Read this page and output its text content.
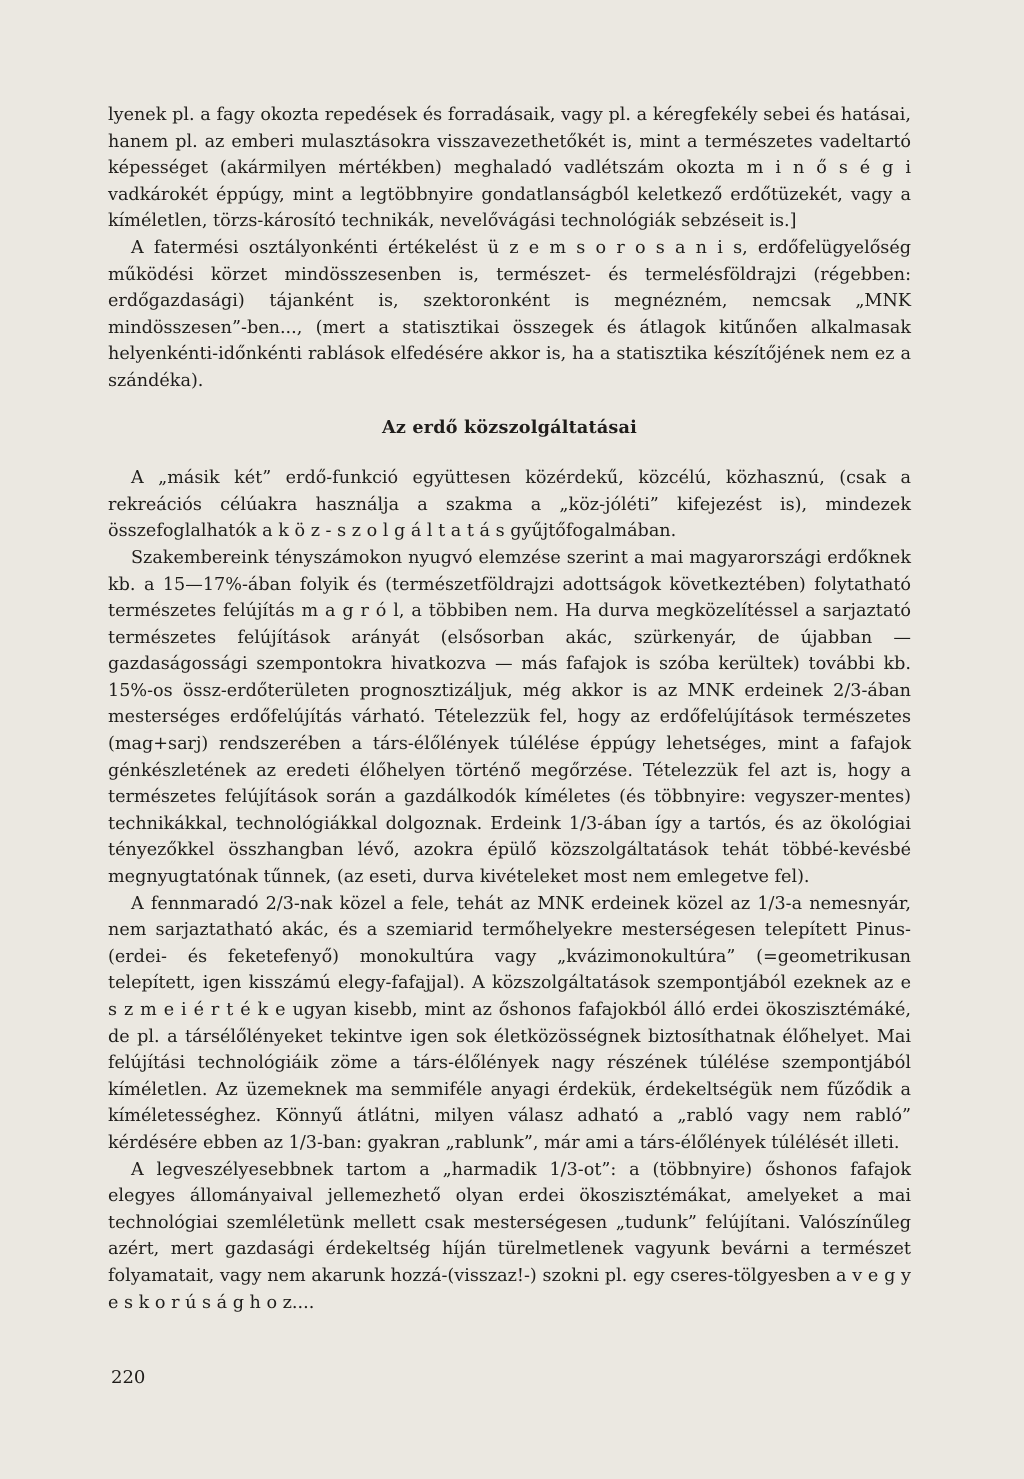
lyenek pl. a fagy okozta repedések és forradásaik, vagy pl. a kéregfekély sebei és hatásai, hanem pl. az emberi mulasztásokra visszavezethetőkét is, mint a természetes vadeltartó képességet (akármilyen mértékben) meghaladó vadlétszám okozta m i n ő s é g i vadkárokét éppúgy, mint a legtöbbnyire gondatlanságból keletkező erdőtüzekét, vagy a kíméletlen, törzs-károsító technikák, nevelővágási technológiák sebzéseit is.]

A fatermési osztályonkénti értékelést ü z e m s o r o s a n i s, erdőfelügyelőség működési körzet mindösszesenben is, természet- és termelésföldrajzi (régebben: erdőgazdasági) tájanként is, szektoronként is megnézném, nemcsak „MNK mindösszesen”-ben..., (mert a statisztikai összegek és átlagok kitűnően alkalmasak helyenkénti-időnkénti rablások elfedésére akkor is, ha a statisztika készítőjének nem ez a szándéka).

Az erdő közszolgáltatásai

A „másik két” erdő-funkció együttesen közérdekű, közcélú, közhasznú, (csak a rekreációs célúakra használja a szakma a „köz-jóléti” kifejezést is), mindezek összefoglalhatók a k ö z - s z o l g á l t a t á s gyűjtőfogalmában.

Szakembereink tényszámokon nyugvó elemzése szerint a mai magyarországi erdőknek kb. a 15—17%-ában folyik és (természetföldrajzi adottságok következtében) folytatható természetes felújítás m a g r ó l, a többiben nem. Ha durva megközelítéssel a sarjaztató természetes felújítások arányát (elsősorban akác, szürkenyár, de újabban — gazdaságossági szempontokra hivatkozva — más fafajok is szóba kerültek) további kb. 15%-os össz-erdőterületen prognosztizáljuk, még akkor is az MNK erdeinek 2/3-ában mesterséges erdőfelújítás várható. Tételezzük fel, hogy az erdőfelújítások természetes (mag+sarj) rendszerében a társ-élőlények túlélése éppúgy lehetséges, mint a fafajok génkészletének az eredeti élőhelyen történő megőrzése. Tételezzük fel azt is, hogy a természetes felújítások során a gazdálkodók kíméletes (és többnyire: vegyszer-mentes) technikákkal, technológiákkal dolgoznak. Erdeink 1/3-ában így a tartós, és az ökológiai tényezőkkel összhangban lévő, azokra épülő közszolgáltatások tehát többé-kevésbé megnyugtatónak tűnnek, (az eseti, durva kivételeket most nem emlegetve fel).

A fennmaradó 2/3-nak közel a fele, tehát az MNK erdeinek közel az 1/3-a nemesnyár, nem sarjaztatható akác, és a szemiarid termőhelyekre mesterségesen telepített Pinus-(erdei- és feketefenyő) monokultúra vagy „kvázimonokultúra” (=geometrikusan telepített, igen kisszámú elegy-fafajjal). A közszolgáltatások szempontjából ezeknek az e s z m e i é r t é k e ugyan kisebb, mint az őshonos fafajokból álló erdei ökoszisztémáké, de pl. a társélőlényeket tekintve igen sok életközösségnek biztosíthatnak élőhelyet. Mai felújítási technológiáik zöme a társ-élőlények nagy részének túlélése szempontjából kíméletlen. Az üzemeknek ma semmiféle anyagi érdekük, érdekeltségük nem fűződik a kíméletességhez. Könnyű átlátni, milyen válasz adható a „rabló vagy nem rabló” kérdésére ebben az 1/3-ban: gyakran „rablunk”, már ami a társ-élőlények túlélését illeti.

A legveszélyesebbnek tartom a „harmadik 1/3-ot”: a (többnyire) őshonos fafajok elegyes állományaival jellemezhető olyan erdei ökoszisztémákat, amelyeket a mai technológiai szemléletünk mellett csak mesterségesen „tudunk” felújítani. Valószínűleg azért, mert gazdasági érdekeltség híján türelmetlenek vagyunk bevárni a természet folyamatait, vagy nem akarunk hozzá-(visszaz!-) szokni pl. egy cseres-tölgyesben a v e g y e s k o r ú s á g h o z....

220
